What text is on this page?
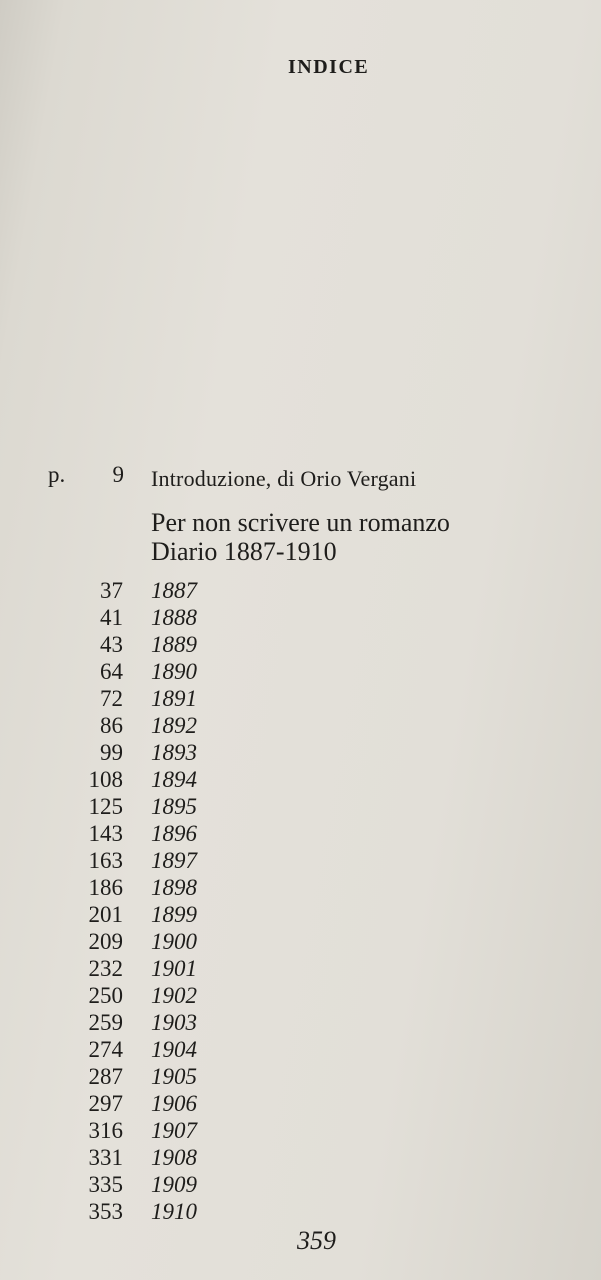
INDICE
p.	9 Introduzione, di Orio Vergani
Per non scrivere un romanzo
Diario 1887-1910
37 1887
41 1888
43 1889
64 1890
72 1891
86 1892
99 1893
108 1894
125 1895
143 1896
163 1897
186 1898
201 1899
209 1900
232 1901
250 1902
259 1903
274 1904
287 1905
297 1906
316 1907
331 1908
335 1909
353 1910
359
